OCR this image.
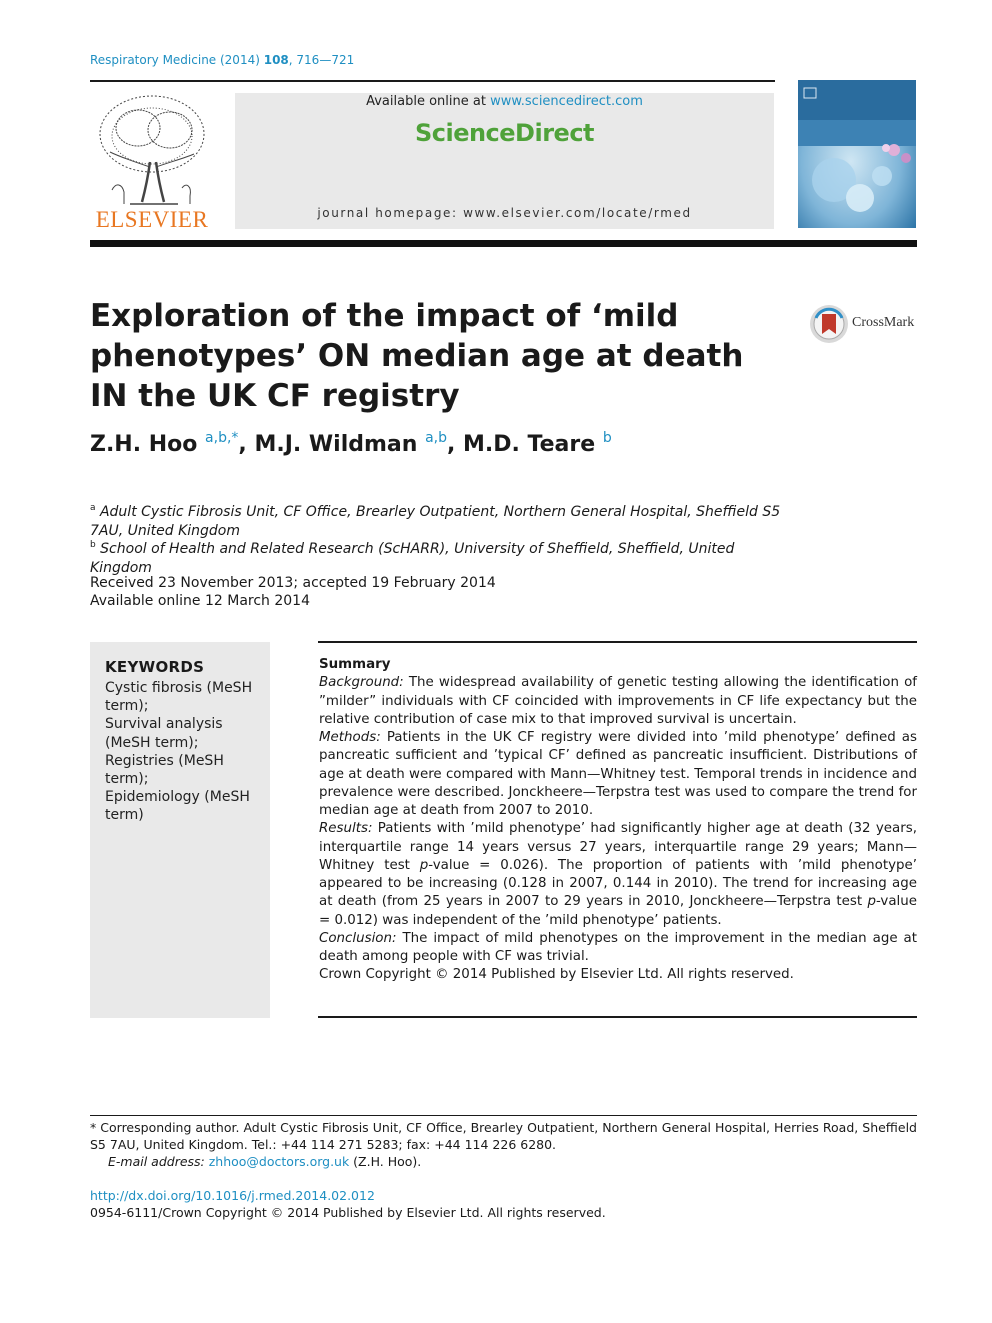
Respiratory Medicine (2014) 108, 716—721
ELSEVIER
Available online at www.sciencedirect.com
ScienceDirect
journal homepage: www.elsevier.com/locate/rmed
Exploration of the impact of ‘mild phenotypes’ ON median age at death IN the UK CF registry
CrossMark
Z.H. Hoo $^{a,b,*}$, M.J. Wildman $^{a,b}$, M.D. Teare $^b$
$^a$ Adult Cystic Fibrosis Unit, CF Office, Brearley Outpatient, Northern General Hospital, Sheffield S5 7AU, United Kingdom
$^b$ School of Health and Related Research (ScHARR), University of Sheffield, Sheffield, United Kingdom
Received 23 November 2013; accepted 19 February 2014
Available online 12 March 2014
KEYWORDS
Cystic fibrosis (MeSH term);
Survival analysis (MeSH term);
Registries (MeSH term);
Epidemiology (MeSH term)

Summary

Background: The widespread availability of genetic testing allowing the identification of ”milder” individuals with CF coincided with improvements in CF life expectancy but the relative contribution of case mix to that improved survival is uncertain.

Methods: Patients in the UK CF registry were divided into ’mild phenotype’ defined as pancreatic sufficient and ’typical CF’ defined as pancreatic insufficient. Distributions of age at death were compared with Mann—Whitney test. Temporal trends in incidence and prevalence were described. Jonckheere—Terpstra test was used to compare the trend for median age at death from 2007 to 2010.

Results: Patients with ’mild phenotype’ had significantly higher age at death (32 years, interquartile range 14 years versus 27 years, interquartile range 29 years; Mann—Whitney test p-value = 0.026). The proportion of patients with ’mild phenotype’ appeared to be increasing (0.128 in 2007, 0.144 in 2010). The trend for increasing age at death (from 25 years in 2007 to 29 years in 2010, Jonckheere—Terpstra test p-value = 0.012) was independent of the ’mild phenotype’ patients.

Conclusion: The impact of mild phenotypes on the improvement in the median age at death among people with CF was trivial.

Crown Copyright © 2014 Published by Elsevier Ltd. All rights reserved.

* Corresponding author. Adult Cystic Fibrosis Unit, CF Office, Brearley Outpatient, Northern General Hospital, Herries Road, Sheffield S5 7AU, United Kingdom. Tel.: +44 114 271 5283; fax: +44 114 226 6280.

E-mail address: zhhoo@doctors.org.uk (Z.H. Hoo).

http://dx.doi.org/10.1016/j.rmed.2014.02.012
0954-6111/Crown Copyright © 2014 Published by Elsevier Ltd. All rights reserved.
